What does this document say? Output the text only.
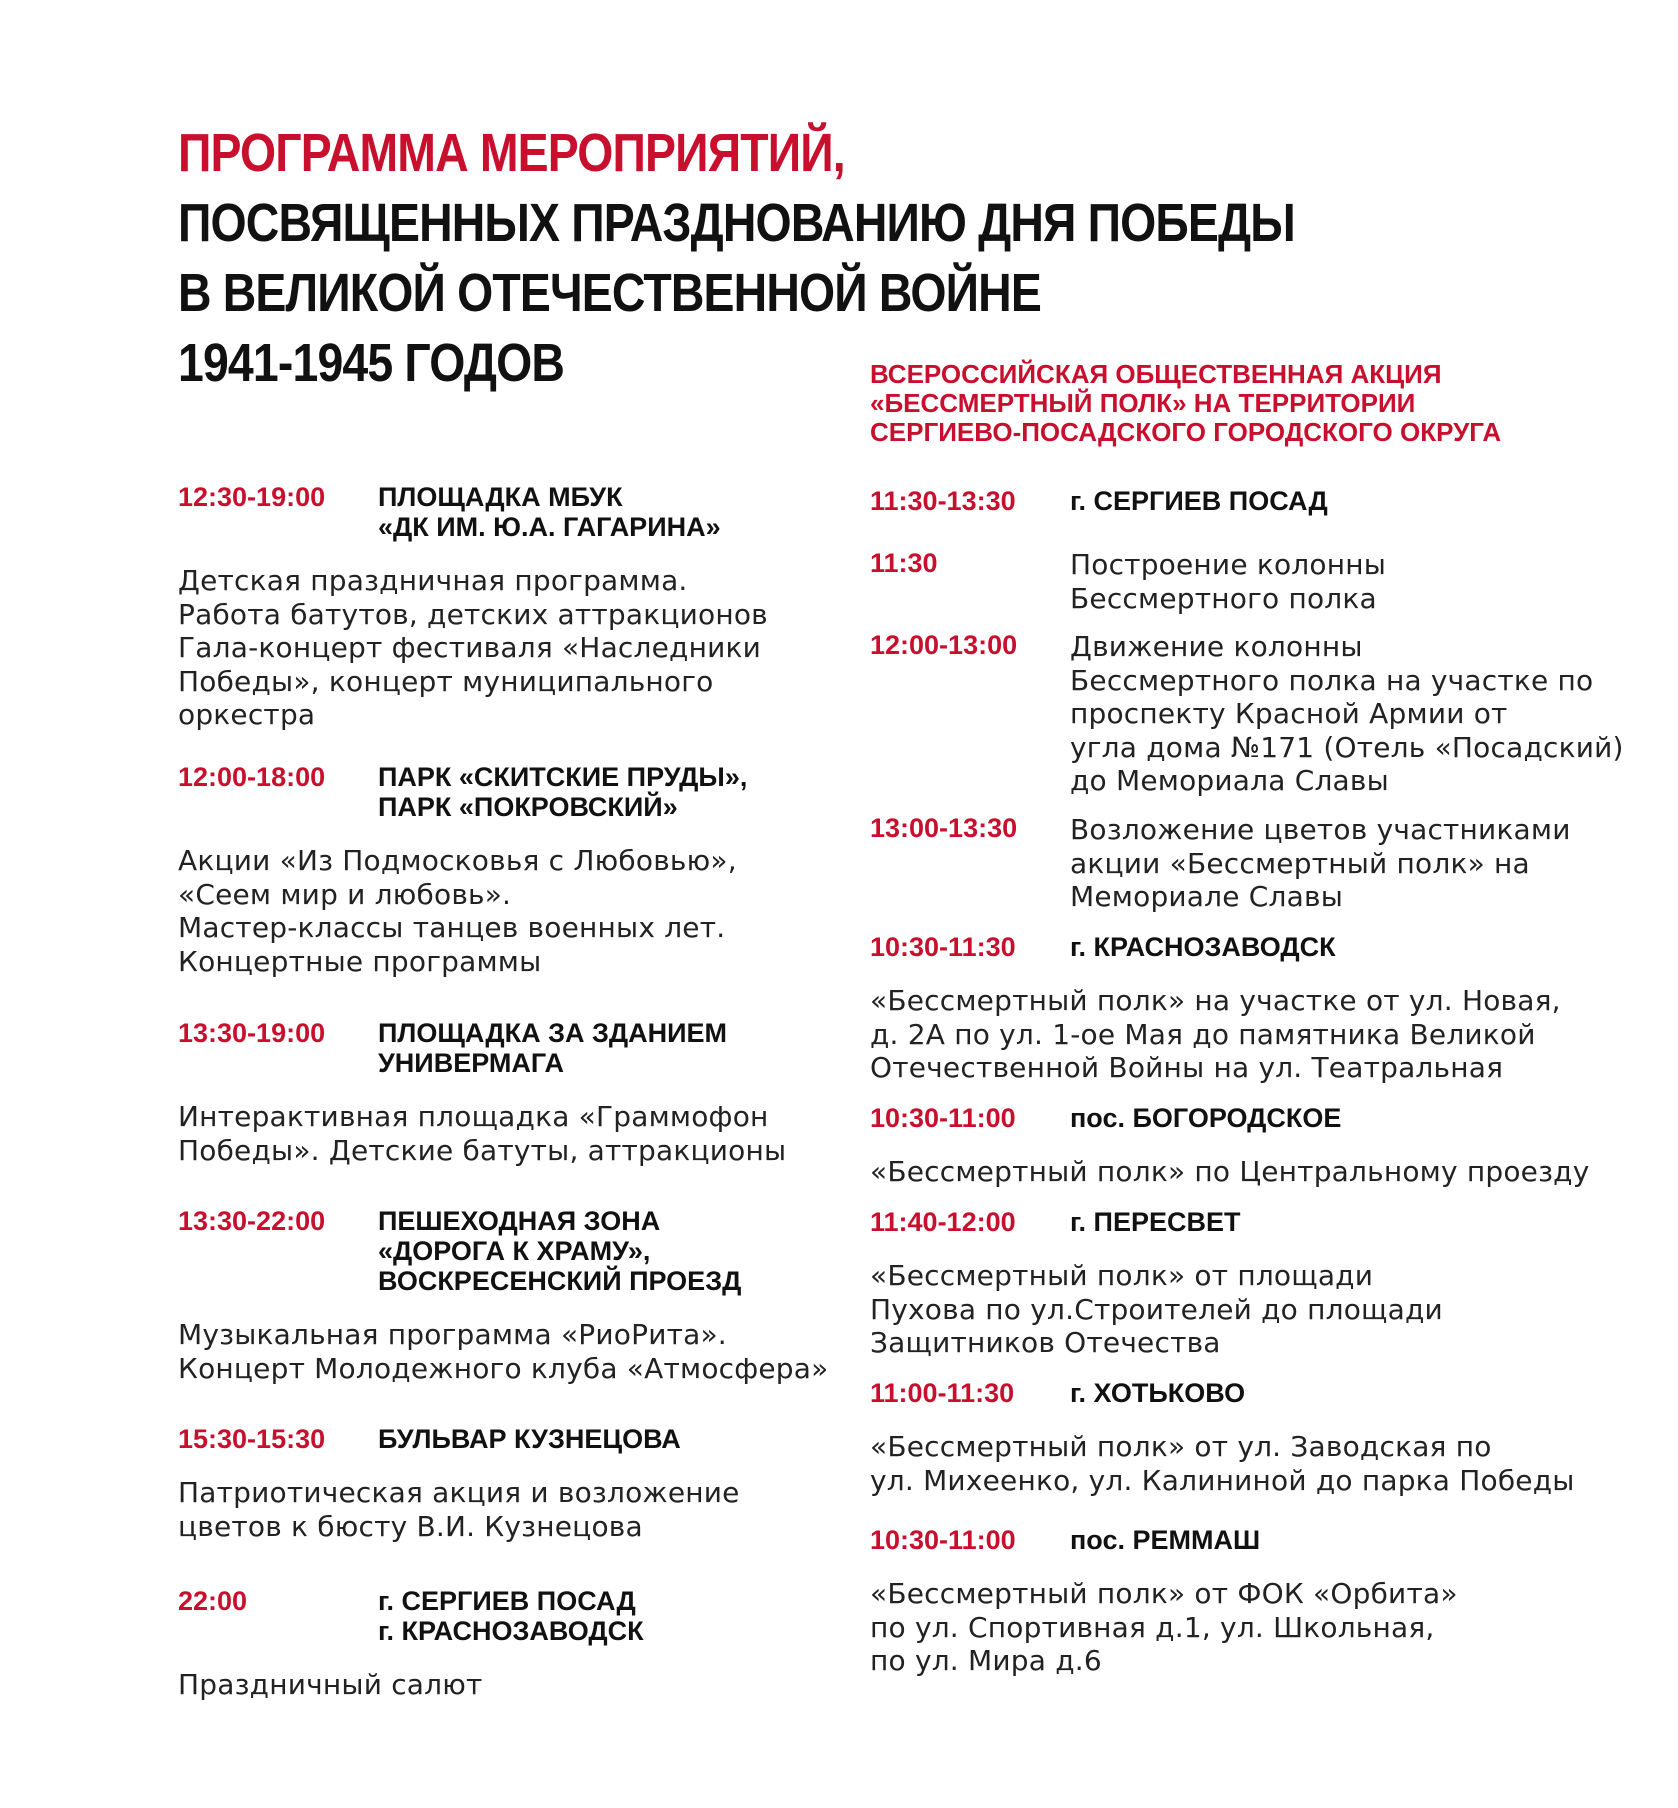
ПРОГРАММА МЕРОПРИЯТИЙ,
ПОСВЯЩЕННЫХ ПРАЗДНОВАНИЮ ДНЯ ПОБЕДЫ
В ВЕЛИКОЙ ОТЕЧЕСТВЕННОЙ ВОЙНЕ
1941-1945 ГОДОВ
12:30-19:00	ПЛОЩАДКА МБУК
«ДК ИМ. Ю.А. ГАГАРИНА»
Детская праздничная программа.
Работа батутов, детских аттракционов
Гала-концерт фестиваля «Наследники
Победы», концерт муниципального
оркестра
12:00-18:00	ПАРК «СКИТСКИЕ ПРУДЫ»,
ПАРК «ПОКРОВСКИЙ»
Акции «Из Подмосковья с Любовью»,
«Сеем мир и любовь».
Мастер-классы танцев военных лет.
Концертные программы
13:30-19:00	ПЛОЩАДКА ЗА ЗДАНИЕМ
УНИВЕРМАГА
Интерактивная площадка «Граммофон
Победы». Детские батуты, аттракционы
13:30-22:00	ПЕШЕХОДНАЯ ЗОНА
«ДОРОГА К ХРАМУ»,
ВОСКРЕСЕНСКИЙ ПРОЕЗД
Музыкальная программа «РиоРита».
Концерт Молодежного клуба «Атмосфера»
15:30-15:30	БУЛЬВАР КУЗНЕЦОВА
Патриотическая акция и возложение
цветов к бюсту В.И. Кузнецова
22:00	г. СЕРГИЕВ ПОСАД
г. КРАСНОЗАВОДСК
Праздничный салют
ВСЕРОССИЙСКАЯ ОБЩЕСТВЕННАЯ АКЦИЯ
«БЕССМЕРТНЫЙ ПОЛК» НА ТЕРРИТОРИИ
СЕРГИЕВО-ПОСАДСКОГО ГОРОДСКОГО ОКРУГА
11:30-13:30	г. СЕРГИЕВ ПОСАД
11:30	Построение колонны
Бессмертного полка
12:00-13:00	Движение колонны
Бессмертного полка на участке по
проспекту Красной Армии от
угла дома №171 (Отель «Посадский)
до Мемориала Славы
13:00-13:30	Возложение цветов участниками
акции «Бессмертный полк» на
Мемориале Славы
10:30-11:30	г. КРАСНОЗАВОДСК
«Бессмертный полк» на участке от ул. Новая,
д. 2А по ул. 1-ое Мая до памятника Великой
Отечественной Войны на ул. Театральная
10:30-11:00	пос. БОГОРОДСКОЕ
«Бессмертный полк» по Центральному проезду
11:40-12:00	г. ПЕРЕСВЕТ
«Бессмертный полк» от площади
Пухова по ул.Строителей до площади
Защитников Отечества
11:00-11:30	г. ХОТЬКОВО
«Бессмертный полк» от ул. Заводская по
ул. Михеенко, ул. Калининой до парка Победы
10:30-11:00	пос. РЕММАШ
«Бессмертный полк» от ФОК «Орбита»
по ул. Спортивная д.1, ул. Школьная,
по ул. Мира д.6
